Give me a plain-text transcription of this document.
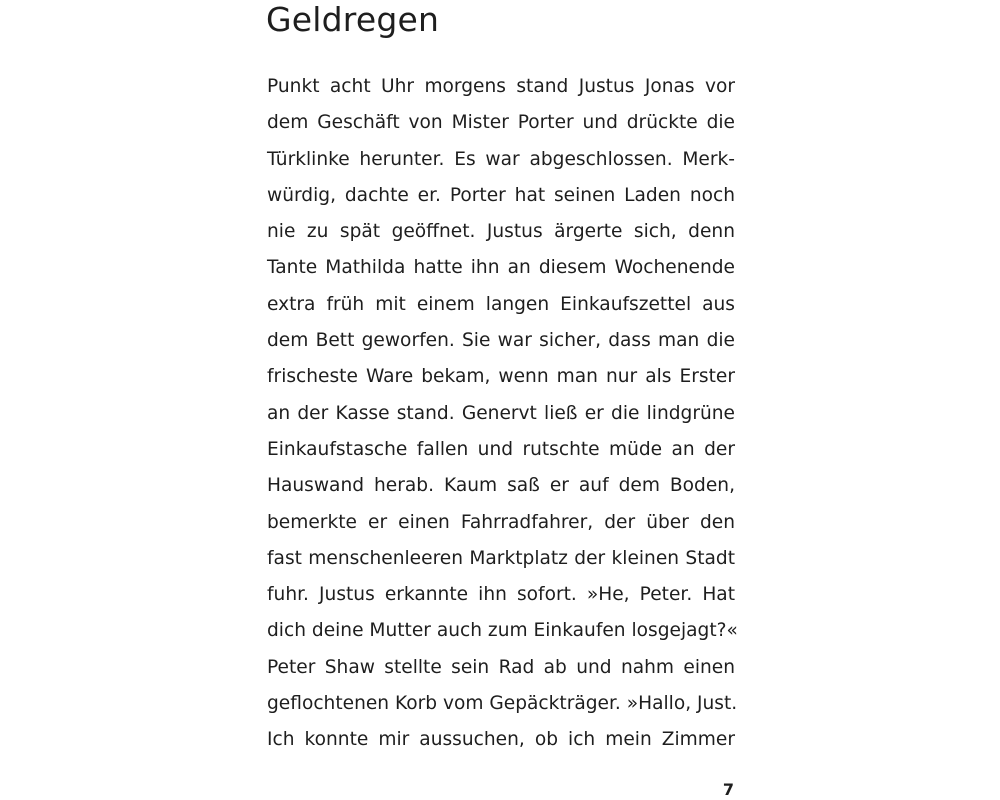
Geldregen
Punkt acht Uhr morgens stand Justus Jonas vor
dem Geschäft von Mister Porter und drückte die
Türklinke herunter. Es war abgeschlossen. Merk-
würdig, dachte er. Porter hat seinen Laden noch
nie zu spät geöffnet. Justus ärgerte sich, denn
Tante Mathilda hatte ihn an diesem Wochenende
extra früh mit einem langen Einkaufszettel aus
dem Bett geworfen. Sie war sicher, dass man die
frischeste Ware bekam, wenn man nur als Erster
an der Kasse stand. Genervt ließ er die lindgrüne
Einkaufstasche fallen und rutschte müde an der
Hauswand herab. Kaum saß er auf dem Boden,
bemerkte er einen Fahrradfahrer, der über den
fast menschenleeren Marktplatz der kleinen Stadt
fuhr. Justus erkannte ihn sofort. »He, Peter. Hat
dich deine Mutter auch zum Einkaufen losgejagt?«
Peter Shaw stellte sein Rad ab und nahm einen
geflochtenen Korb vom Gepäckträger. »Hallo, Just.
Ich konnte mir aussuchen, ob ich mein Zimmer
7
